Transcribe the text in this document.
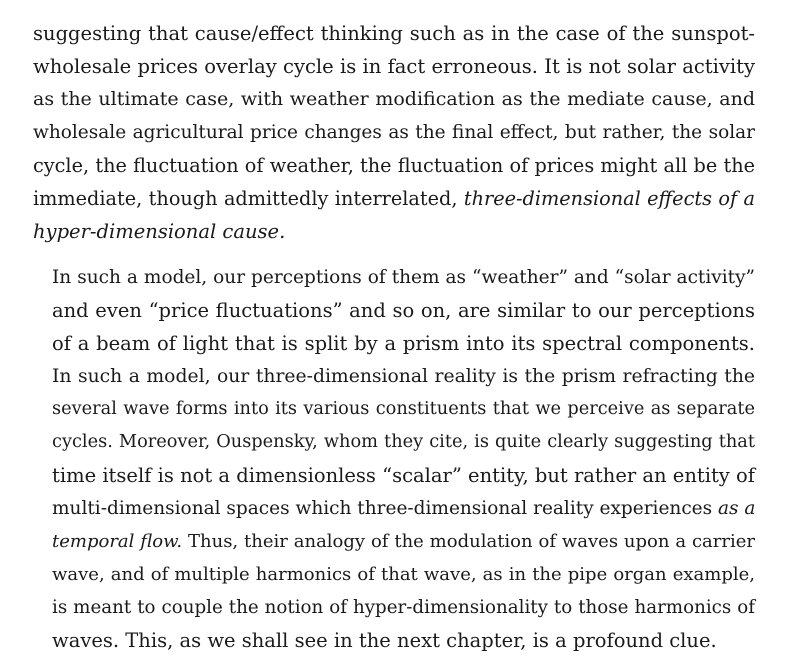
suggesting that cause/effect thinking such as in the case of the sunspot-
wholesale prices overlay cycle is in fact erroneous. It is not solar activity
as the ultimate case, with weather modification as the mediate cause, and
wholesale agricultural price changes as the final effect, but rather, the solar
cycle, the fluctuation of weather, the fluctuation of prices might all be the
immediate, though admittedly interrelated, three-dimensional effects of a
hyper-dimensional cause.

In such a model, our perceptions of them as “weather” and “solar activity”
and even “price fluctuations” and so on, are similar to our perceptions
of a beam of light that is split by a prism into its spectral components.
In such a model, our three-dimensional reality is the prism refracting the
several wave forms into its various constituents that we perceive as separate
cycles. Moreover, Ouspensky, whom they cite, is quite clearly suggesting that
time itself is not a dimensionless “scalar” entity, but rather an entity of
multi-dimensional spaces which three-dimensional reality experiences as a
temporal flow. Thus, their analogy of the modulation of waves upon a carrier
wave, and of multiple harmonics of that wave, as in the pipe organ example,
is meant to couple the notion of hyper-dimensionality to those harmonics of
waves. This, as we shall see in the next chapter, is a profound clue.
